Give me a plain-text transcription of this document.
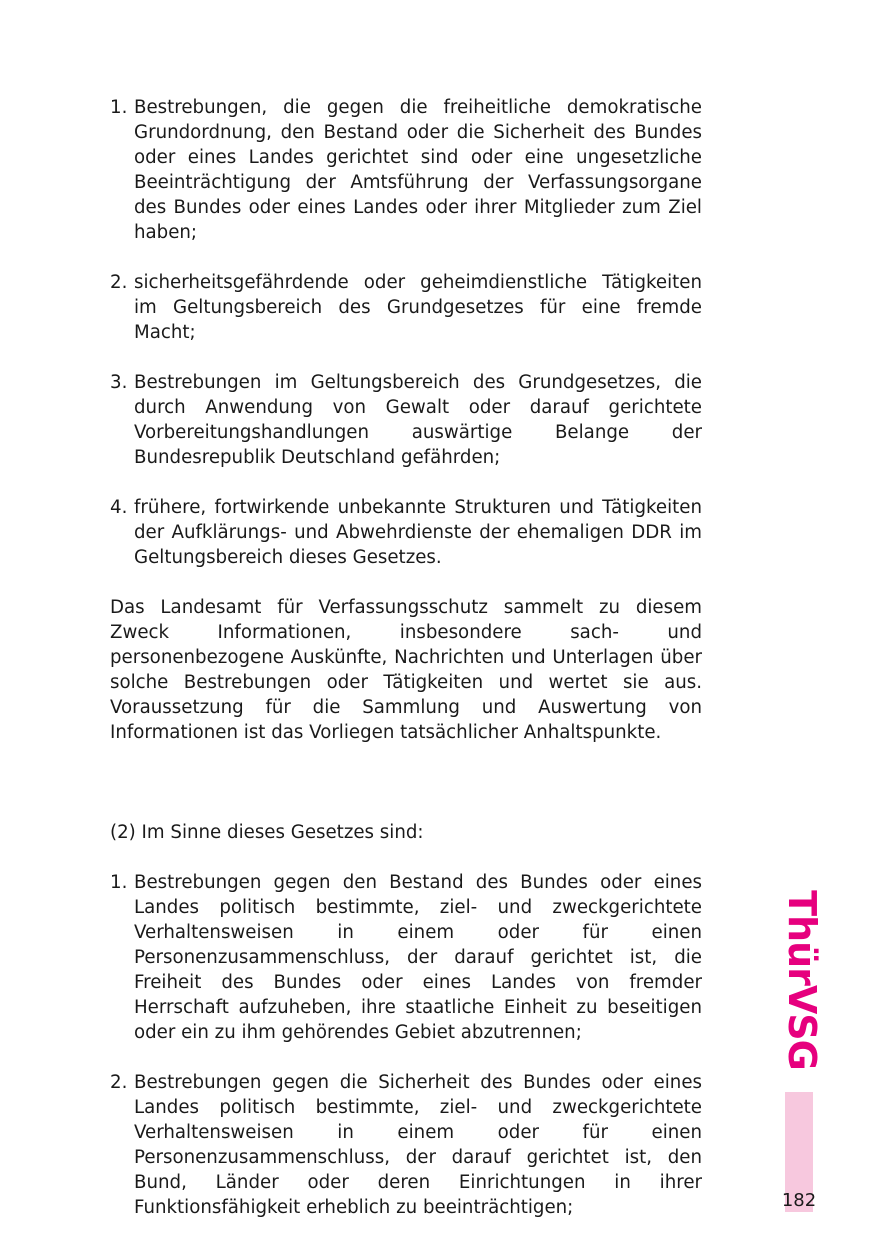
1. Bestrebungen, die gegen die freiheitliche demokratische Grundordnung, den Bestand oder die Sicherheit des Bundes oder eines Landes gerichtet sind oder eine ungesetzliche Beeinträchtigung der Amtsführung der Verfassungsorgane des Bundes oder eines Landes oder ihrer Mitglieder zum Ziel haben;
2. sicherheitsgefährdende oder geheimdienstliche Tätigkeiten im Geltungsbereich des Grundgesetzes für eine fremde Macht;
3. Bestrebungen im Geltungsbereich des Grundgesetzes, die durch Anwendung von Gewalt oder darauf gerichtete Vorbereitungshandlungen auswärtige Belange der Bundesrepublik Deutschland gefährden;
4. frühere, fortwirkende unbekannte Strukturen und Tätigkeiten der Aufklärungs- und Abwehrdienste der ehemaligen DDR im Geltungsbereich dieses Gesetzes.

Das Landesamt für Verfassungsschutz sammelt zu diesem Zweck Informationen, insbesondere sach- und personenbezogene Auskünfte, Nachrichten und Unterlagen über solche Bestrebungen oder Tätigkeiten und wertet sie aus. Voraussetzung für die Sammlung und Auswertung von Informationen ist das Vorliegen tatsächlicher Anhaltspunkte.

(2) Im Sinne dieses Gesetzes sind:

1. Bestrebungen gegen den Bestand des Bundes oder eines Landes politisch bestimmte, ziel- und zweckgerichtete Verhaltensweisen in einem oder für einen Personenzusammenschluss, der darauf gerichtet ist, die Freiheit des Bundes oder eines Landes von fremder Herrschaft aufzuheben, ihre staatliche Einheit zu beseitigen oder ein zu ihm gehörendes Gebiet abzutrennen;
2. Bestrebungen gegen die Sicherheit des Bundes oder eines Landes politisch bestimmte, ziel- und zweckgerichtete Verhaltensweisen in einem oder für einen Personenzusammenschluss, der darauf gerichtet ist, den Bund, Länder oder deren Einrichtungen in ihrer Funktionsfähigkeit erheblich zu beeinträchtigen;
ThürVSG
182
